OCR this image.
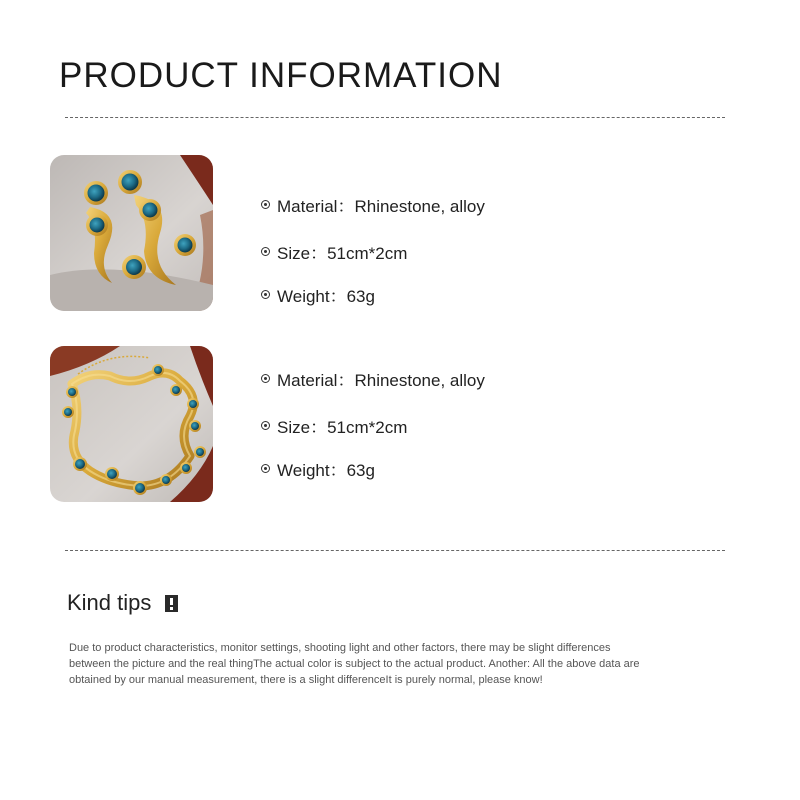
PRODUCT INFORMATION
Material：Rhinestone, alloy
Size：51cm*2cm
Weight：63g
Material：Rhinestone, alloy
Size：51cm*2cm
Weight：63g
Kind tips
Due to product characteristics, monitor settings, shooting light and other factors, there may be slight differences between the picture and the real thingThe actual color is subject to the actual product. Another: All the above data are obtained by our manual measurement, there is a slight differenceIt is purely normal, please know!
